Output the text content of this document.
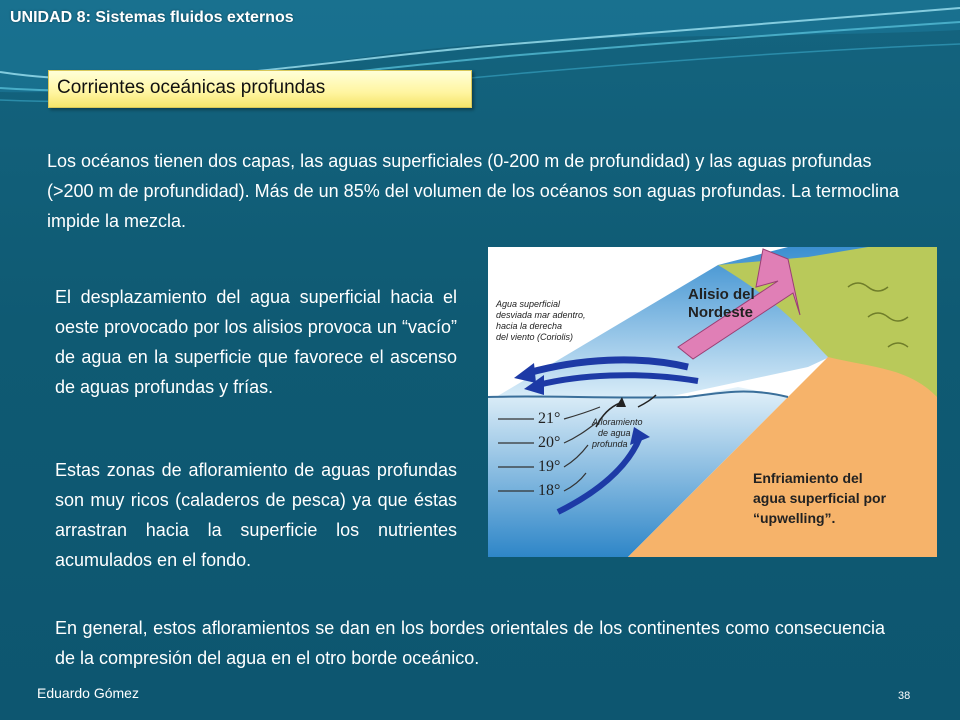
UNIDAD 8: Sistemas fluidos externos
Corrientes oceánicas profundas
Los océanos tienen dos capas, las aguas superficiales (0-200 m de profundidad) y las aguas profundas (>200 m de profundidad). Más de un 85% del volumen de los océanos son aguas profundas. La termoclina impide la mezcla.
El desplazamiento del agua superficial hacia el oeste provocado por los alisios provoca un “vacío” de agua en la superficie que favorece el ascenso de aguas profundas y frías.
Estas zonas de afloramiento de aguas profundas son muy ricos (caladeros de pesca) ya que éstas arrastran hacia la superficie los nutrientes acumulados en el fondo.
Alisio del
Nordeste
Agua superficial
desviada mar adentro,
hacia la derecha
del viento (Coriolis)
Afloramiento
de agua
profunda
21°
20°
19°
18°
Enfriamiento del
agua superficial por
“upwelling”.
En general, estos afloramientos se dan en los bordes orientales de los continentes como consecuencia de la compresión del agua en el otro borde oceánico.
Eduardo Gómez	38
